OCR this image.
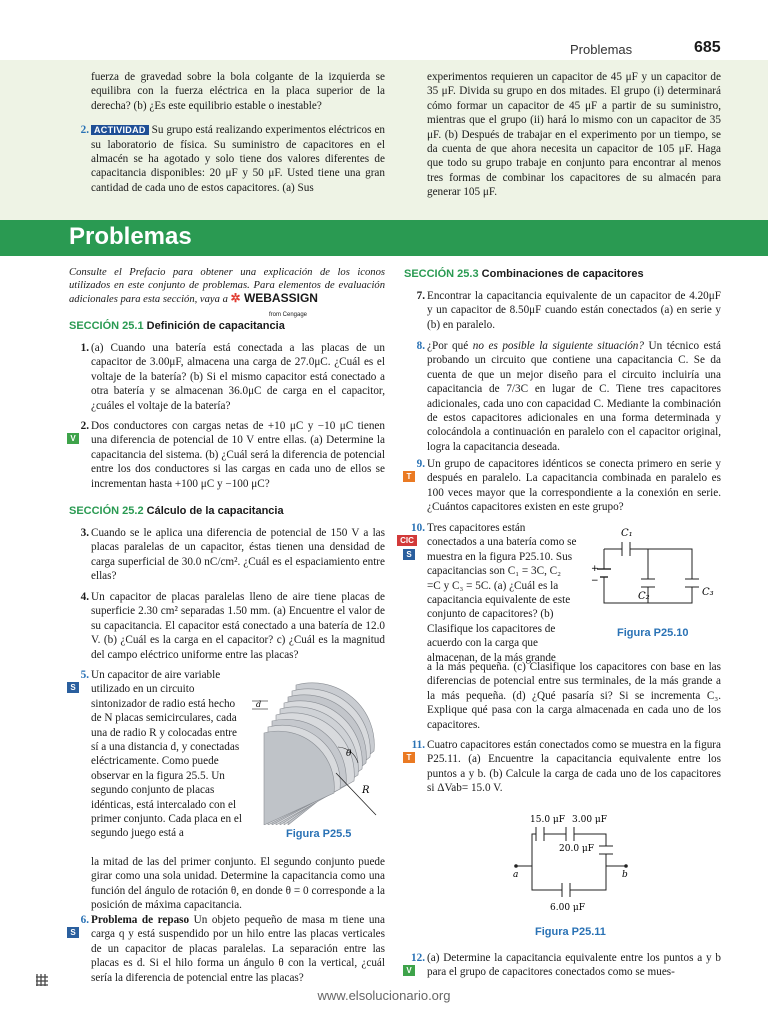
Problemas	685

fuerza de gravedad sobre la bola colgante de la izquierda se equilibra con la fuerza eléctrica en la placa superior de la derecha? (b) ¿Es este equilibrio estable o inestable?

2. ACTIVIDAD Su grupo está realizando experimentos eléctricos en su laboratorio de física. Su suministro de capacitores en el almacén se ha agotado y solo tiene dos valores diferentes de capacitancia disponibles: 20 μF y 50 μF. Usted tiene una gran cantidad de cada uno de estos capacitores. (a) Sus

experimentos requieren un capacitor de 45 μF y un capacitor de 35 μF. Divida su grupo en dos mitades. El grupo (i) determinará cómo formar un capacitor de 45 μF a partir de su suministro, mientras que el grupo (ii) hará lo mismo con un capacitor de 35 μF. (b) Después de trabajar en el experimento por un tiempo, se da cuenta de que ahora necesita un capacitor de 105 μF. Haga que todo su grupo trabaje en conjunto para encontrar al menos tres formas de combinar los capacitores de su almacén para generar 105 μF.

Problemas

Consulte el Prefacio para obtener una explicación de los iconos utilizados en este conjunto de problemas. Para elementos de evaluación adicionales para esta sección, vaya a ✲ WEBASSIGN
from Cengage

SECCIÓN 25.1 Definición de capacitancia
1. (a) Cuando una batería está conectada a las placas de un capacitor de 3.00μF, almacena una carga de 27.0μC. ¿Cuál es el voltaje de la batería? (b) Si el mismo capacitor está conectado a otra batería y se almacenan 36.0μC de carga en el capacitor, ¿cuáles el voltaje de la batería?

2.
V

Dos conductores con cargas netas de +10 μC y −10 μC tienen una diferencia de potencial de 10 V entre ellas. (a) Determine la capacitancia del sistema. (b) ¿Cuál será la diferencia de potencial entre los dos conductores si las cargas en cada uno de ellos se incrementan hasta +100 μC y −100 μC?

SECCIÓN 25.2 Cálculo de la capacitancia
3. Cuando se le aplica una diferencia de potencial de 150 V a las placas paralelas de un capacitor, éstas tienen una densidad de carga superficial de 30.0 nC/cm². ¿Cuál es el espaciamiento entre ellas?

4. Un capacitor de placas paralelas lleno de aire tiene placas de superficie 2.30 cm² separadas 1.50 mm. (a) Encuentre el valor de su capacitancia. El capacitor está conectado a una batería de 12.0 V. (b) ¿Cuál es la carga en el capacitor? c) ¿Cuál es la magnitud del campo eléctrico uniforme entre las placas?

5.
S

Un capacitor de aire variable utilizado en un circuito sintonizador de radio está hecho de N placas semicirculares, cada una de radio R y colocadas entre sí a una distancia d, y conectadas eléctricamente. Como puede observar en la figura 25.5. Un segundo conjunto de placas idénticas, está intercalado con el primer conjunto. Cada placa en el segundo juego está a

la mitad de las del primer conjunto. El segundo conjunto puede girar como una sola unidad. Determine la capacitancia como una función del ángulo de rotación θ, en donde θ = 0 corresponde a la posición de máxima capacitancia.

θ
R
d
Figura P25.5
6.
S

Problema de repaso Un objeto pequeño de masa m tiene una carga q y está suspendido por un hilo entre las placas verticales de un capacitor de placas paralelas. La separación entre las placas es d. Si el hilo forma un ángulo θ con la vertical, ¿cuál sería la diferencia de potencial entre las placas?

SECCIÓN 25.3 Combinaciones de capacitores
7. Encontrar la capacitancia equivalente de un capacitor de 4.20μF y un capacitor de 8.50μF cuando están conectados (a) en serie y (b) en paralelo.

8. ¿Por qué no es posible la siguiente situación? Un técnico está probando un circuito que contiene una capacitancia C. Se da cuenta de que un mejor diseño para el circuito incluiría una capacitancia de 7/3C en lugar de C. Tiene tres capacitores adicionales, cada uno con capacidad C. Mediante la combinación de estos capacitores adicionales en una forma determinada y colocándola a continuación en paralelo con el capacitor original, logra la capacitancia deseada.

9.
T

Un grupo de capacitores idénticos se conecta primero en serie y después en paralelo. La capacitancia combinada en paralelo es 100 veces mayor que la correspondiente a la conexión en serie. ¿Cuántos capacitores existen en este grupo?

10.
CIC
S

Tres capacitores están conectados a una batería como se muestra en la figura P25.10. Sus capacitancias son C₁ = 3C, C₂ =C y C₃ = 5C. (a) ¿Cuál es la capacitancia equivalente de este conjunto de capacitores? (b) Clasifique los capacitores de acuerdo con la carga que almacenan, de la más grande

a la más pequeña. (c) Clasifique los capacitores con base en las diferencias de potencial entre sus terminales, de la más grande a la más pequeña. (d) ¿Qué pasaría si? Si se incrementa C₃. Explique qué pasa con la carga almacenada en cada uno de los capacitores.

C₁
C₂	C₃
+
−
Figura P25.10
11.
T

Cuatro capacitores están conectados como se muestra en la figura P25.11. (a) Encuentre la capacitancia equivalente entre los puntos a y b. (b) Calcule la carga de cada uno de los capacitores si ΔVab= 15.0 V.

15.0 μF 3.00 μF
20.0 μF
6.00 μF
a	b
Figura P25.11
12.
V

(a) Determine la capacitancia equivalente entre los puntos a y b para el grupo de capacitores conectados como se mues-

www.elsolucionario.org
